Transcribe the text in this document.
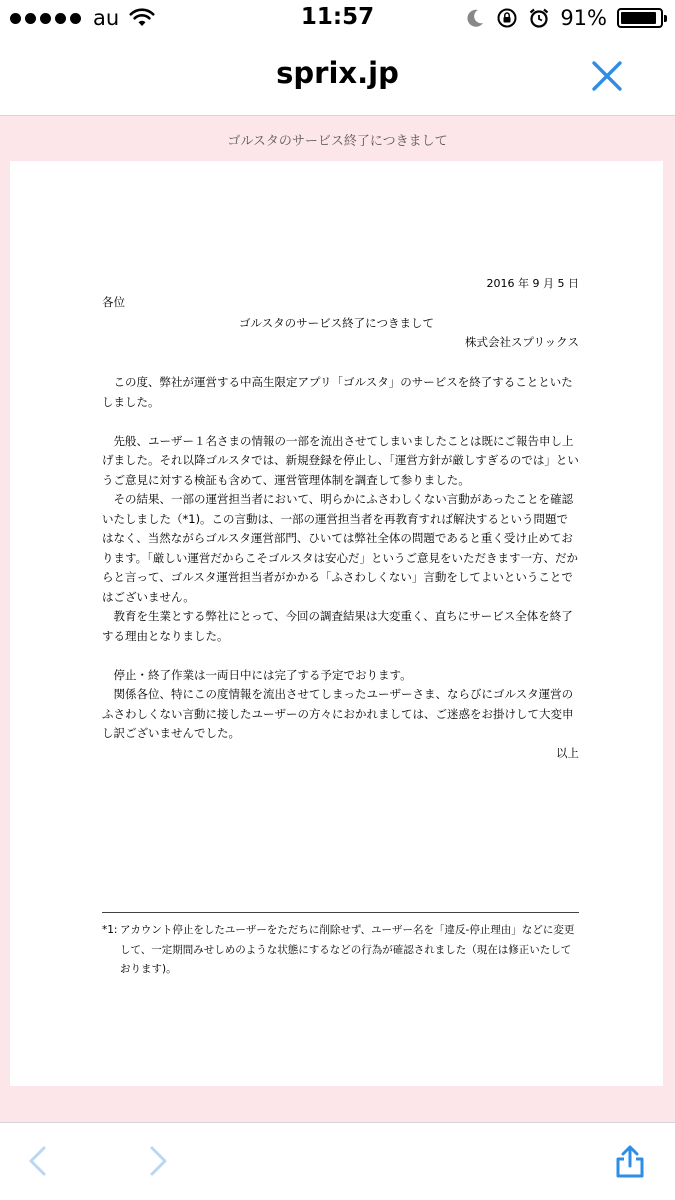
au	11:57	91%
sprix.jp
ゴルスタのサービス終了につきまして
2016 年 9 月 5 日
各位
ゴルスタのサービス終了につきまして
株式会社スプリックス

この度、弊社が運営する中高生限定アプリ「ゴルスタ」のサービスを終了することといたしました。

先般、ユーザー１名さまの情報の一部を流出させてしまいましたことは既にご報告申し上げました。それ以降ゴルスタでは、新規登録を停止し、「運営方針が厳しすぎるのでは」というご意見に対する検証も含めて、運営管理体制を調査して参りました。

その結果、一部の運営担当者において、明らかにふさわしくない言動があったことを確認いたしました（*1)。この言動は、一部の運営担当者を再教育すれば解決するという問題ではなく、当然ながらゴルスタ運営部門、ひいては弊社全体の問題であると重く受け止めております。「厳しい運営だからこそゴルスタは安心だ」というご意見をいただきます一方、だからと言って、ゴルスタ運営担当者がかかる「ふさわしくない」言動をしてよいということではございません。

教育を生業とする弊社にとって、今回の調査結果は大変重く、直ちにサービス全体を終了する理由となりました。

停止・終了作業は一両日中には完了する予定でおります。

関係各位、特にこの度情報を流出させてしまったユーザーさま、ならびにゴルスタ運営のふさわしくない言動に接したユーザーの方々におかれましては、ご迷惑をお掛けして大変申し訳ございませんでした。

以上
*1: アカウント停止をしたユーザーをただちに削除せず、ユーザー名を「違反-停止理由」などに変更して、一定期間みせしめのような状態にするなどの行為が確認されました（現在は修正いたしております)。
